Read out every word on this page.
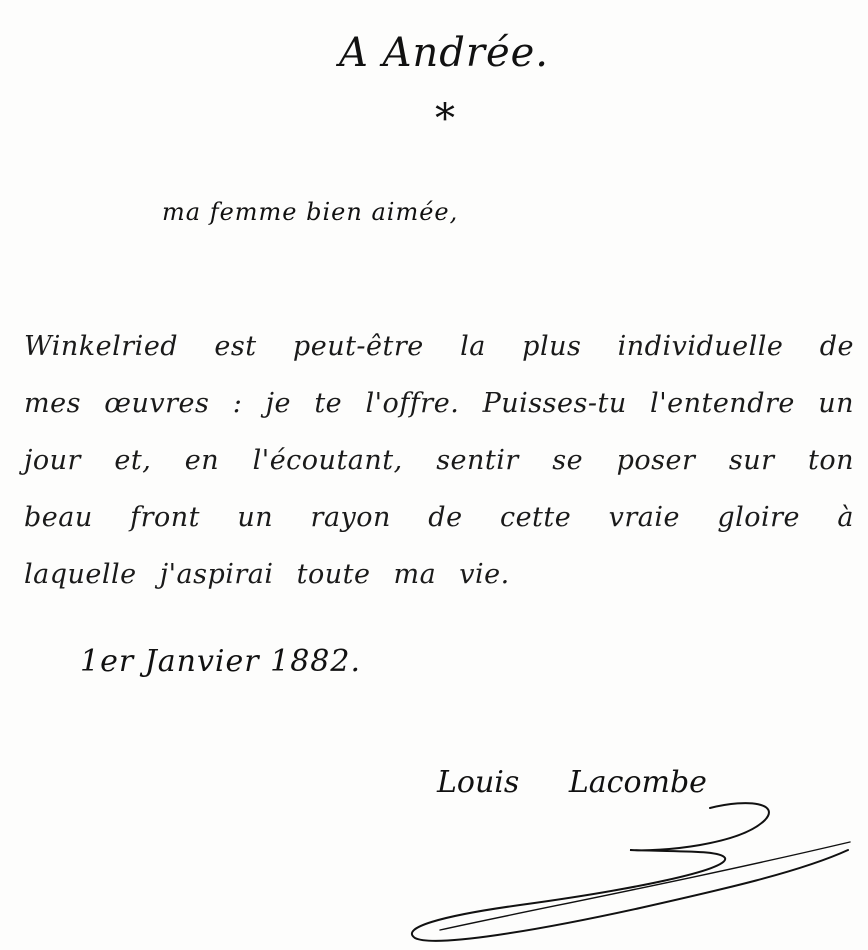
A Andrée.
*
ma femme bien aimée,
Winkelried est peut-être la plus individuelle de
mes œuvres : je te l'offre. Puisses-tu l'entendre un
jour et, en l'écoutant, sentir se poser sur ton
beau front un rayon de cette vraie gloire à
laquelle j'aspirai toute ma vie.
1er Janvier 1882.
Louis Lacombe
